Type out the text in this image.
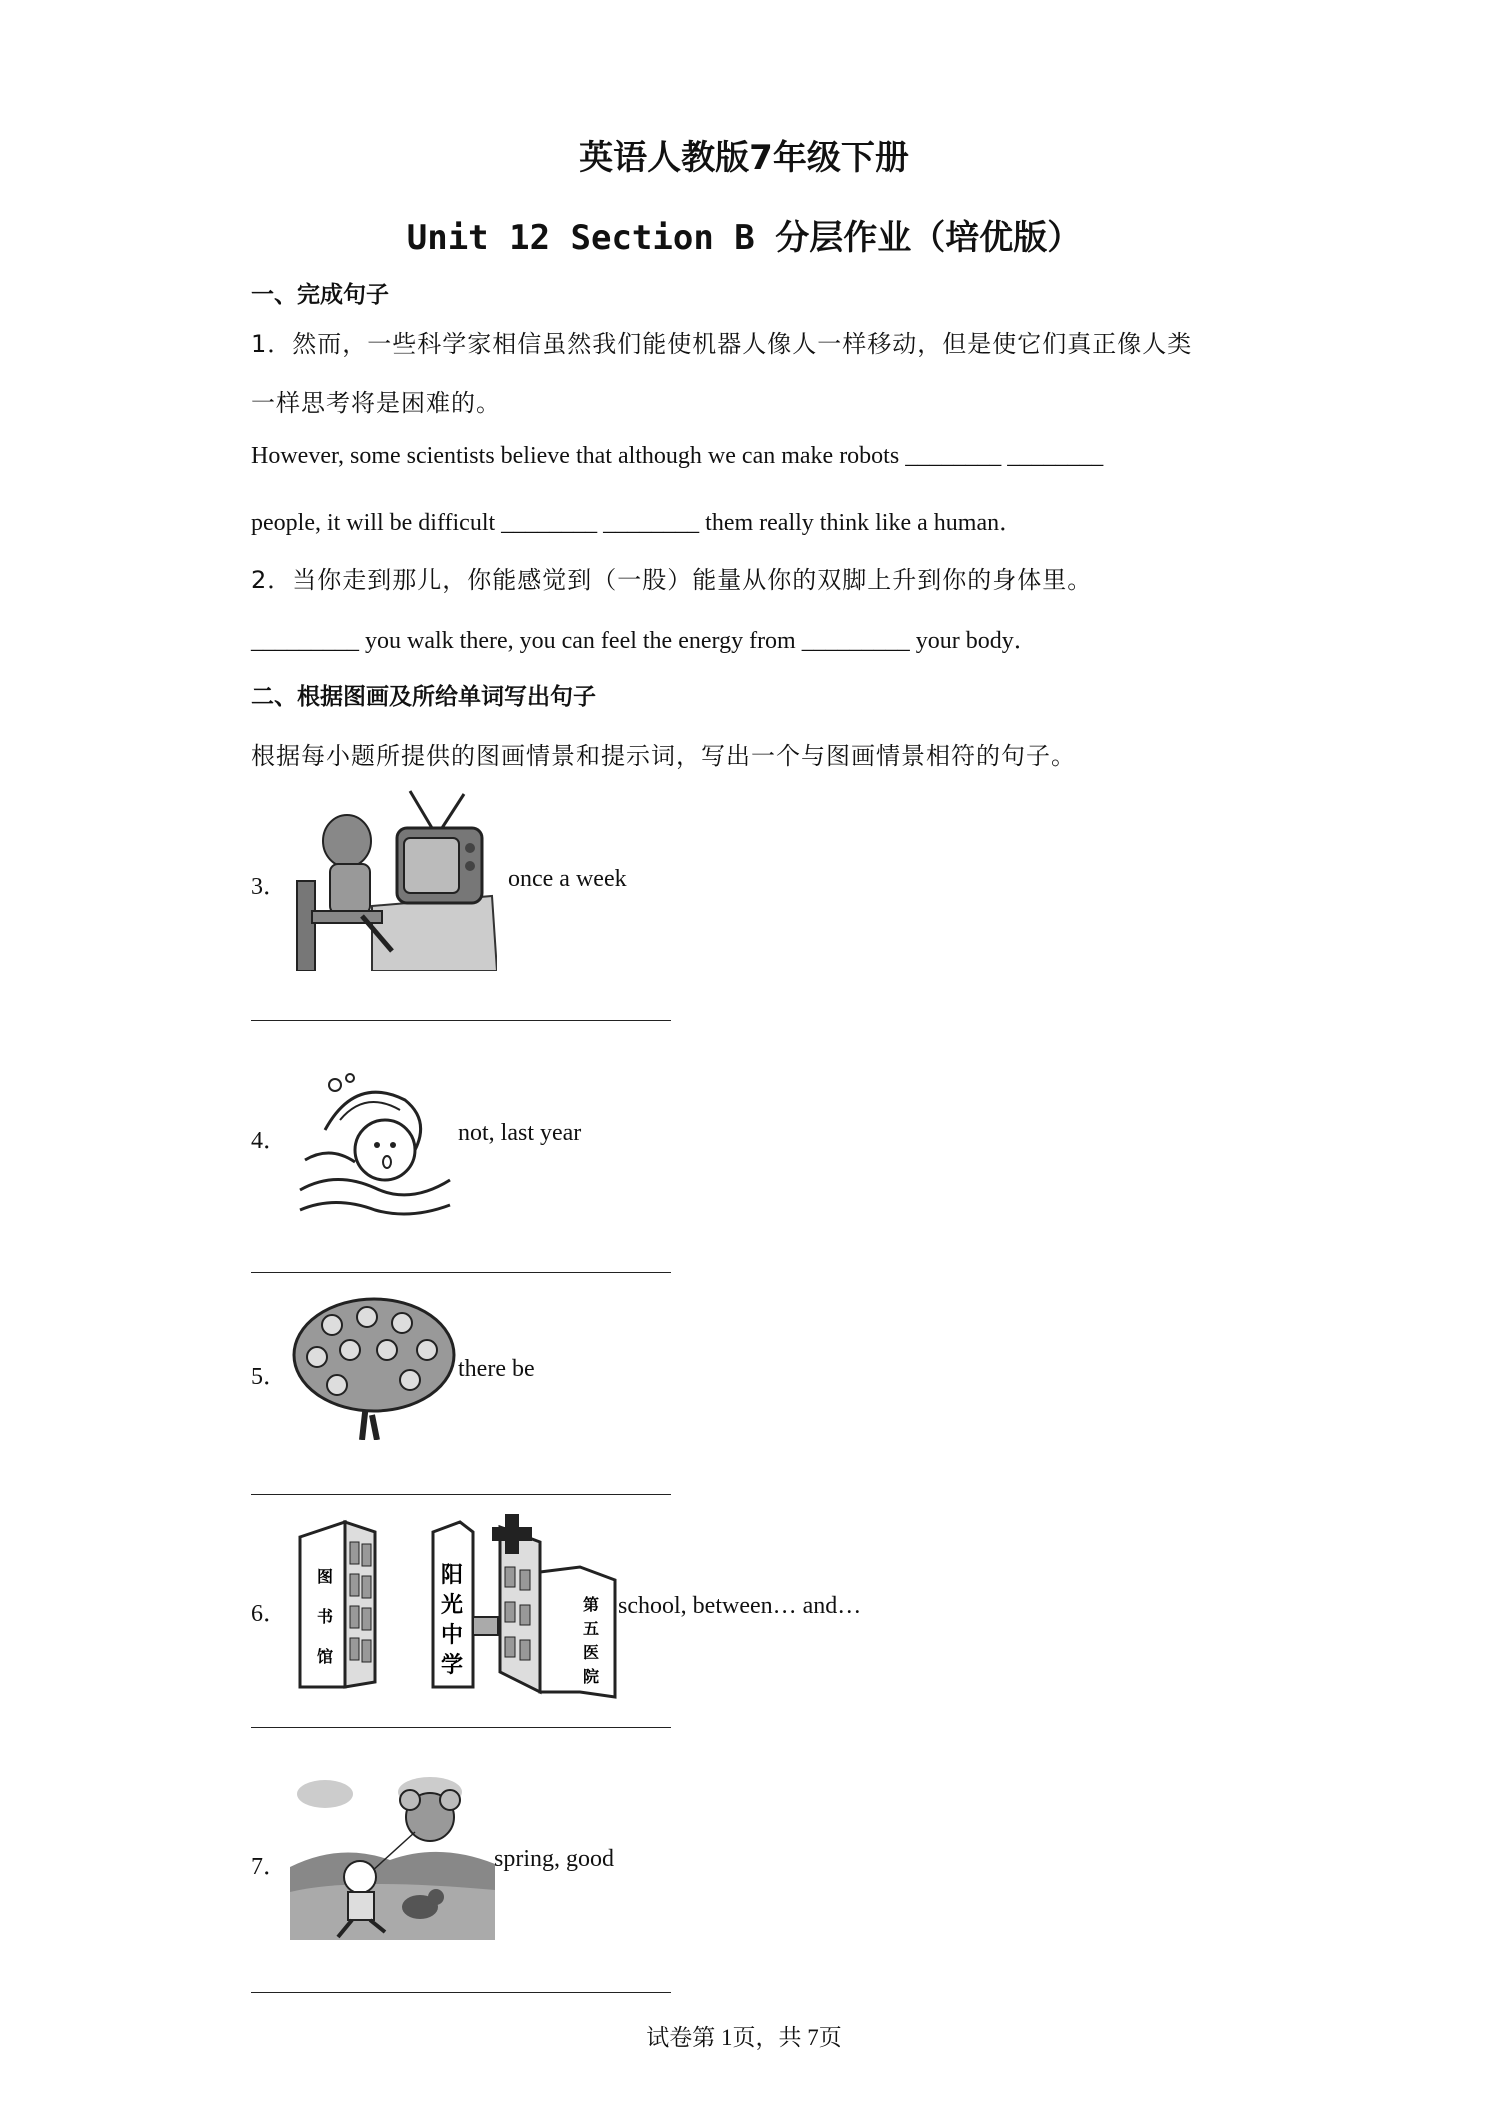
英语人教版7年级下册
Unit 12 Section B 分层作业（培优版）
一、完成句子
1．然而，一些科学家相信虽然我们能使机器人像人一样移动，但是使它们真正像人类
一样思考将是困难的。
However, some scientists believe that although we can make robots ________ ________
people, it will be difficult ________ ________ them really think like a human．
2．当你走到那儿，你能感觉到（一股）能量从你的双脚上升到你的身体里。
_________ you walk there, you can feel the energy from _________ your body．
二、根据图画及所给单词写出句子
根据每小题所提供的图画情景和提示词，写出一个与图画情景相符的句子。
3．	once a week
4．	not, last year
5．	there be
6．
图
书
馆
阳
光
中
学
第
五
医
院
school, between… and…
7．	spring, good
试卷第 1页，共 7页
